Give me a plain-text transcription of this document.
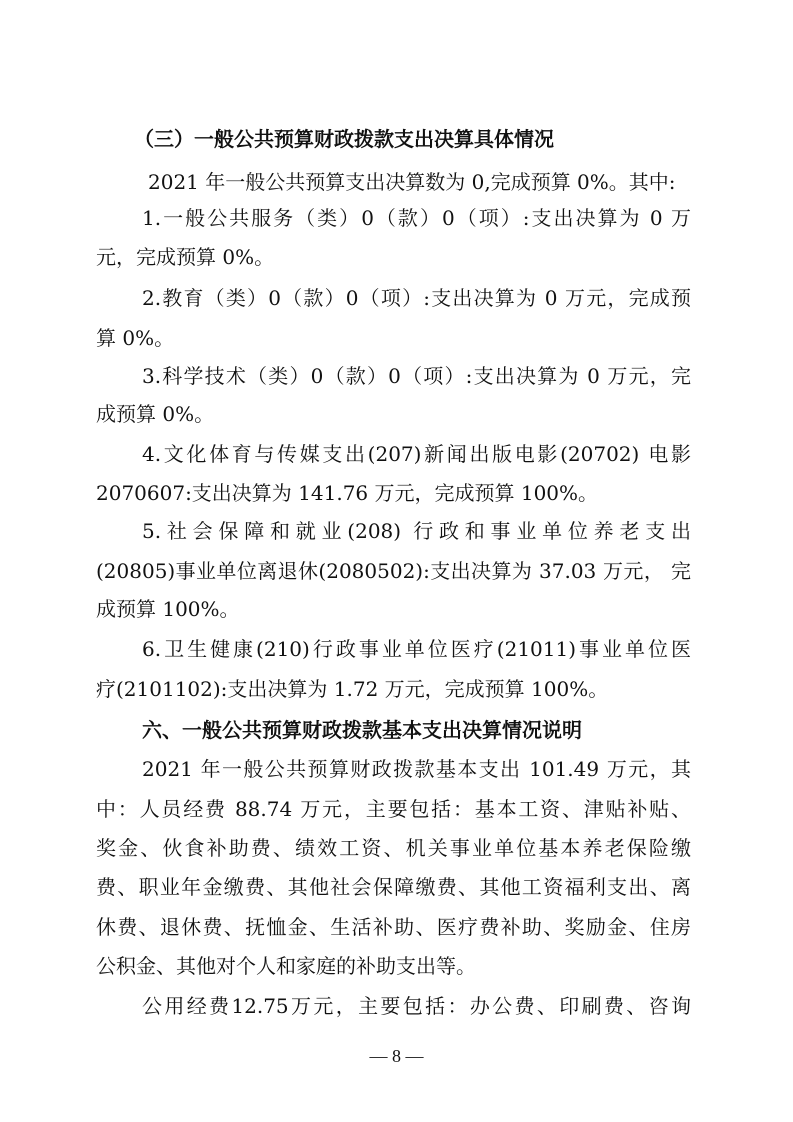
（三）一般公共预算财政拨款支出决算具体情况
2021 年一般公共预算支出决算数为 0,完成预算 0%。其中:
1.一般公共服务（类）0（款）0（项）:支出决算为 0 万
元，完成预算 0%。
2.教育（类）0（款）0（项）:支出决算为 0 万元，完成预
算 0%。
3.科学技术（类）0（款）0（项）:支出决算为 0 万元，完
成预算 0%。
4.文化体育与传媒支出(207)新闻出版电影(20702) 电影
2070607:支出决算为 141.76 万元，完成预算 100%。
5.社会保障和就业(208) 行政和事业单位养老支出
(20805)事业单位离退休(2080502):支出决算为 37.03 万元， 完
成预算 100%。
6.卫生健康(210)行政事业单位医疗(21011)事业单位医
疗(2101102):支出决算为 1.72 万元，完成预算 100%。
六、一般公共预算财政拨款基本支出决算情况说明
2021 年一般公共预算财政拨款基本支出 101.49 万元，其
中：人员经费 88.74 万元，主要包括：基本工资、津贴补贴、
奖金、伙食补助费、绩效工资、机关事业单位基本养老保险缴
费、职业年金缴费、其他社会保障缴费、其他工资福利支出、离
休费、退休费、抚恤金、生活补助、医疗费补助、奖励金、住房
公积金、其他对个人和家庭的补助支出等。
公用经费12.75万元，主要包括：办公费、印刷费、咨询
— 8 —
